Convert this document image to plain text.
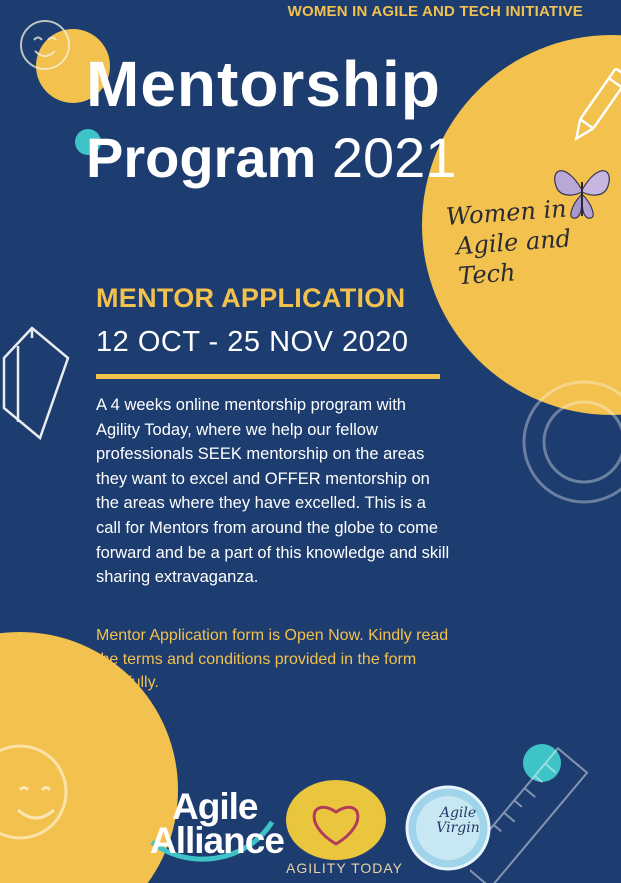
WOMEN IN AGILE AND TECH INITIATIVE
Mentorship
Program 2021
Women in
Agile and Tech
MENTOR APPLICATION
12 OCT - 25 NOV 2020
A 4 weeks online mentorship program with Agility Today, where we help our fellow professionals SEEK mentorship on the areas they want to excel and OFFER mentorship on the areas where they have excelled. This is a call for Mentors from around the globe to come forward and be a part of this knowledge and skill sharing extravaganza.
Mentor Application form is Open Now. Kindly read the terms and conditions provided in the form carefully.
Agile
Alliance
AGILITY TODAY
Agile
Virgin
